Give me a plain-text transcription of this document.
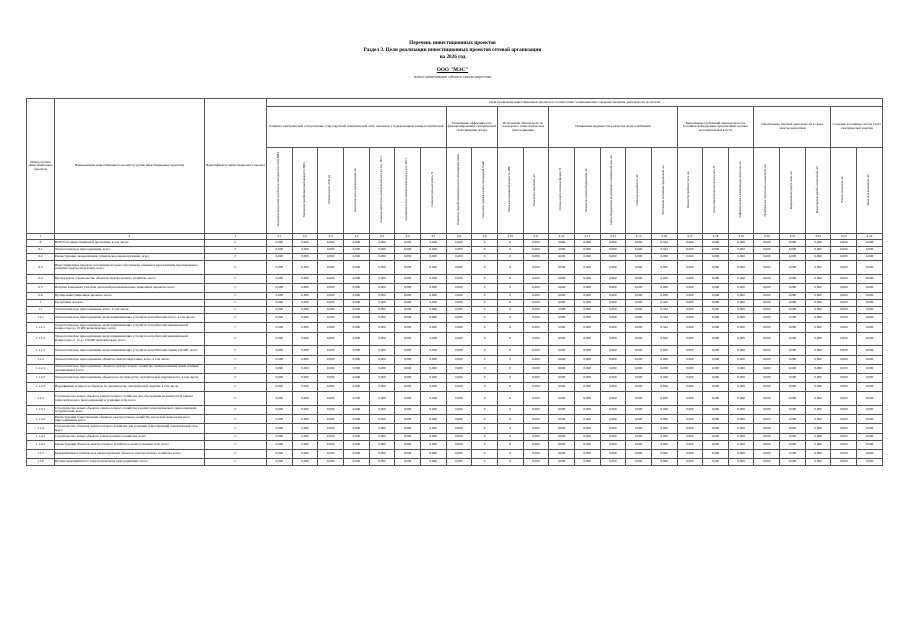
Перечень инвестиционных проектов
Раздел 3. Цели реализации инвестиционных проектов сетевой организации
на 2026 год
ООО "МЭС"
полное наименование субъекта электроэнергетики
Номер группы инвестиционных проектов	Наименование инвестиционного проекта (группы инвестиционных проектов)	Идентификатор инвестиционного проекта	Цели реализации инвестиционных проектов в соответствии с компонентами совершенствования деятельности по итогам																							
			Развитие электрической сети/усиление существующей электрической сети, связанное с подключением новых потребителей							Повышение эффективности функционирования электрической сети/снижение потерь		Исполнение обязательств по договорам о технологическом присоединении		Повышение надежности и качества энергоснабжения					Выполнение требований законодательства Российской Федерации, предписаний органов исполнительной власти			Обеспечение текущей деятельности в сфере электроэнергетики			Создание и развитие систем учета электрической энергии	
			Увеличение пропускной способности электрических сетей, МВА	Увеличение трансформаторной мощности, МВА	Протяженность ЛЭП, км	Количество точек присоединения, шт.	Снижение недоотпуска электрической энергии, тыс. кВт·ч	Сокращение потерь электрической энергии, тыс. кВт·ч	Снижение удельных потерь, %	Показатель средней продолжительности прекращений, Пsaidi	Показатель средней частоты прекращений, Пsaifi	Объем присоединяемой мощности, МВт	Количество заявителей, шт.	Степень износа основных фондов, %	Количество единиц оборудования, шт.	Замена оборудования, отработавшего нормативный срок, шт.	Снижение аварийности, шт.	Обеспечение исполнения предписаний, шт.	Количество приборов учета, шт.	Доля интеллектуальных систем учета, %	Информатизация и автоматизация процессов, шт.	Приобретение спецтехники и транспорта, шт.	Модернизация средств связи, шт.	Реконструкция зданий и сооружений, шт.	Прочие показатели, шт.	Иные цели реализации, шт.
1	2	3	4.1	4.2	4.3	4.4	4.5	4.6	4.7	4.8	4.9	4.10	4.11	4.12	4.13	4.14	4.15	4.16	4.17	4.18	4.19	4.20	4.21	4.22	4.23	4.24
0	ВСЕГО по инвестиционной программе, в том числе:	Г	0,000	0,000	0,000	0,000	0,000	0,000	0,000	0,000	0	0	0,000	3,990	0,000	0,000	0,000	0,342	0,000	0,000	0,000	0,000	0,000	0,000	0,000	0,000
0.1	Технологическое присоединение, всего	Г	0,000	0,000	0,000	0,000	0,000	0,000	0,000	0,000	0	0	0,000	3,990	0,000	0,000	0,000	0,342	0,000	0,000	0,000	0,000	0,000	0,000	0,000	0,000
0.2	Реконструкция, модернизация, техническое перевооружение, всего	Г	0,000	0,000	0,000	0,000	0,000	0,000	0,000	0,000	0	0	0,000	0,000	0,000	0,000	0,000	0,000	0,000	0,000	0,000	0,000	0,000	0,000	0,000	0,000
0.3	Инвестиционные проекты, реализация которых обусловлена схемами и программами перспективного развития электроэнергетики, всего	Г	0,000	0,000	0,000	0,000	0,000	0,000	0,000	0,000	0	0	0,000	0,000	0,000	0,000	0,000	0,000	0,000	0,000	0,000	0,000	0,000	0,000	0,000	0,000
0.4	Прочее новое строительство объектов электросетевого хозяйства, всего	Г	0,000	0,000	0,000	0,000	0,000	0,000	0,000	0,000	0	0	0,000	0,000	0,000	0,000	0,000	0,000	0,000	0,000	0,000	0,000	0,000	0,000	0,000	0,000
0.5	Покупка земельных участков для целей реализации инвестиционных проектов, всего	Г	0,000	0,000	0,000	0,000	0,000	0,000	0,000	0,000	0	0	0,000	0,000	0,000	0,000	0,000	0,000	0,000	0,000	0,000	0,000	0,000	0,000	0,000	0,000
0.6	Прочие инвестиционные проекты, всего	Г	0,000	0,000	0,000	0,000	0,000	0,000	0,000	0,000	0	0	0,000	0,000	0,000	0,000	0,000	0,000	0,000	0,000	0,000	0,000	0,000	0,000	0,000	0,000
1	Республика Адыгея	Г	0,000	0,000	0,000	0,000	0,000	0,000	0,000	0,000	0	0	0,000	3,990	0,000	0,000	0,000	0,342	0,000	0,000	0,000	0,000	0,000	0,000	0,000	0,000
1.1	Технологическое присоединение, всего, в том числе:	Г	0,000	0,000	0,000	0,000	0,000	0,000	0,000	0,000	0	0	0,000	3,990	0,000	0,000	0,000	0,342	0,000	0,000	0,000	0,000	0,000	0,000	0,000	0,000
1.1.1	Технологическое присоединение энергопринимающих устройств потребителей, всего, в том числе:	Г	0,000	0,000	0,000	0,000	0,000	0,000	0,000	0,000	0	0	0,000	3,990	0,000	0,000	0,000	0,342	0,000	0,000	0,000	0,000	0,000	0,000	0,000	0,000
1.1.1.1	Технологическое присоединение энергопринимающих устройств потребителей максимальной мощностью до 15 кВт включительно, всего	Г	0,000	0,000	0,000	0,000	0,000	0,000	0,000	0,000	0	0	0,000	3,990	0,000	0,000	0,000	0,342	0,000	0,000	0,000	0,000	0,000	0,000	0,000	0,000
1.1.1.2	Технологическое присоединение энергопринимающих устройств потребителей максимальной мощностью от 15 до 150 кВт включительно, всего	Г	0,000	0,000	0,000	0,000	0,000	0,000	0,000	0,000	0	0	0,000	0,000	0,000	0,000	0,000	0,000	0,000	0,000	0,000	0,000	0,000	0,000	0,000	0,000
1.1.1.3	Технологическое присоединение энергопринимающих устройств потребителей свыше 150 кВт, всего	Г	0,000	0,000	0,000	0,000	0,000	0,000	0,000	0,000	0	0	0,000	0,000	0,000	0,000	0,000	0,000	0,000	0,000	0,000	0,000	0,000	0,000	0,000	0,000
1.1.2	Технологическое присоединение объектов электроэнергетики, всего, в том числе:	Г	0,000	0,000	0,000	0,000	0,000	0,000	0,000	0,000	0	0	0,000	0,000	0,000	0,000	0,000	0,000	0,000	0,000	0,000	0,000	0,000	0,000	0,000	0,000
1.1.2.1	Технологическое присоединение объектов электросетевого хозяйства, принадлежащих иным сетевым организациям, всего	Г	0,000	0,000	0,000	0,000	0,000	0,000	0,000	0,000	0	0	0,000	0,000	0,000	0,000	0,000	0,000	0,000	0,000	0,000	0,000	0,000	0,000	0,000	0,000
1.1.2.2	Технологическое присоединение объектов по производству электрической энергии всего, в том числе:	Г	0,000	0,000	0,000	0,000	0,000	0,000	0,000	0,000	0	0	0,000	0,000	0,000	0,000	0,000	0,000	0,000	0,000	0,000	0,000	0,000	0,000	0,000	0,000
1.1.2.3	Наращивание мощности объектов по производству электрической энергии, в том числе:	Г	0,000	0,000	0,000	0,000	0,000	0,000	0,000	0,000	0	0	0,000	0,000	0,000	0,000	0,000	0,000	0,000	0,000	0,000	0,000	0,000	0,000	0,000	0,000
1.1.3	Строительство новых объектов электросетевого хозяйства для обеспечения надежности (в рамках технологического присоединения) и усиления сети, всего	Г	0,000	0,000	0,000	0,000	0,000	0,000	0,000	0,000	0	0	0,000	0,000	0,000	0,000	0,000	0,000	0,000	0,000	0,000	0,000	0,000	0,000	0,000	0,000
1.1.3.1	Строительство новых объектов электросетевого хозяйства в целях технологического присоединения потребителей, всего	Г	0,000	0,000	0,000	0,000	0,000	0,000	0,000	0,000	0	0	0,000	0,000	0,000	0,000	0,000	0,000	0,000	0,000	0,000	0,000	0,000	0,000	0,000	0,000
1.1.3.2	Реконструкция существующих объектов электросетевого хозяйства для целей технологического присоединения, всего	Г	0,000	0,000	0,000	0,000	0,000	0,000	0,000	0,000	0	0	0,000	0,000	0,000	0,000	0,000	0,000	0,000	0,000	0,000	0,000	0,000	0,000	0,000	0,000
1.1.4	Строительство объектов электросетевого хозяйства для усиления существующей электрической сети, всего	Г	0,000	0,000	0,000	0,000	0,000	0,000	0,000	0,000	0	0	0,000	0,000	0,000	0,000	0,000	0,000	0,000	0,000	0,000	0,000	0,000	0,000	0,000	0,000
1.1.4.1	Строительство новых объектов электросетевого хозяйства, всего	Г	0,000	0,000	0,000	0,000	0,000	0,000	0,000	0,000	0	0	0,000	0,000	0,000	0,000	0,000	0,000	0,000	0,000	0,000	0,000	0,000	0,000	0,000	0,000
1.1.4.2	Реконструкция объектов электросетевого хозяйства в целях усиления сети, всего	Г	0,000	0,000	0,000	0,000	0,000	0,000	0,000	0,000	0	0	0,000	0,000	0,000	0,000	0,000	0,000	0,000	0,000	0,000	0,000	0,000	0,000	0,000	0,000
1.1.5	Модернизация и техническое перевооружение объектов электросетевого хозяйства, всего	Г	0,000	0,000	0,000	0,000	0,000	0,000	0,000	0,000	0	0	0,000	0,000	0,000	0,000	0,000	0,000	0,000	0,000	0,000	0,000	0,000	0,000	0,000	0,000
1.1.6	Прочие мероприятия по технологическому присоединению, всего	Г	0,000	0,000	0,000	0,000	0,000	0,000	0,000	0,000	0	0	0,000	0,000	0,000	0,000	0,000	0,000	0,000	0,000	0,000	0,000	0,000	0,000	0,000	0,000
